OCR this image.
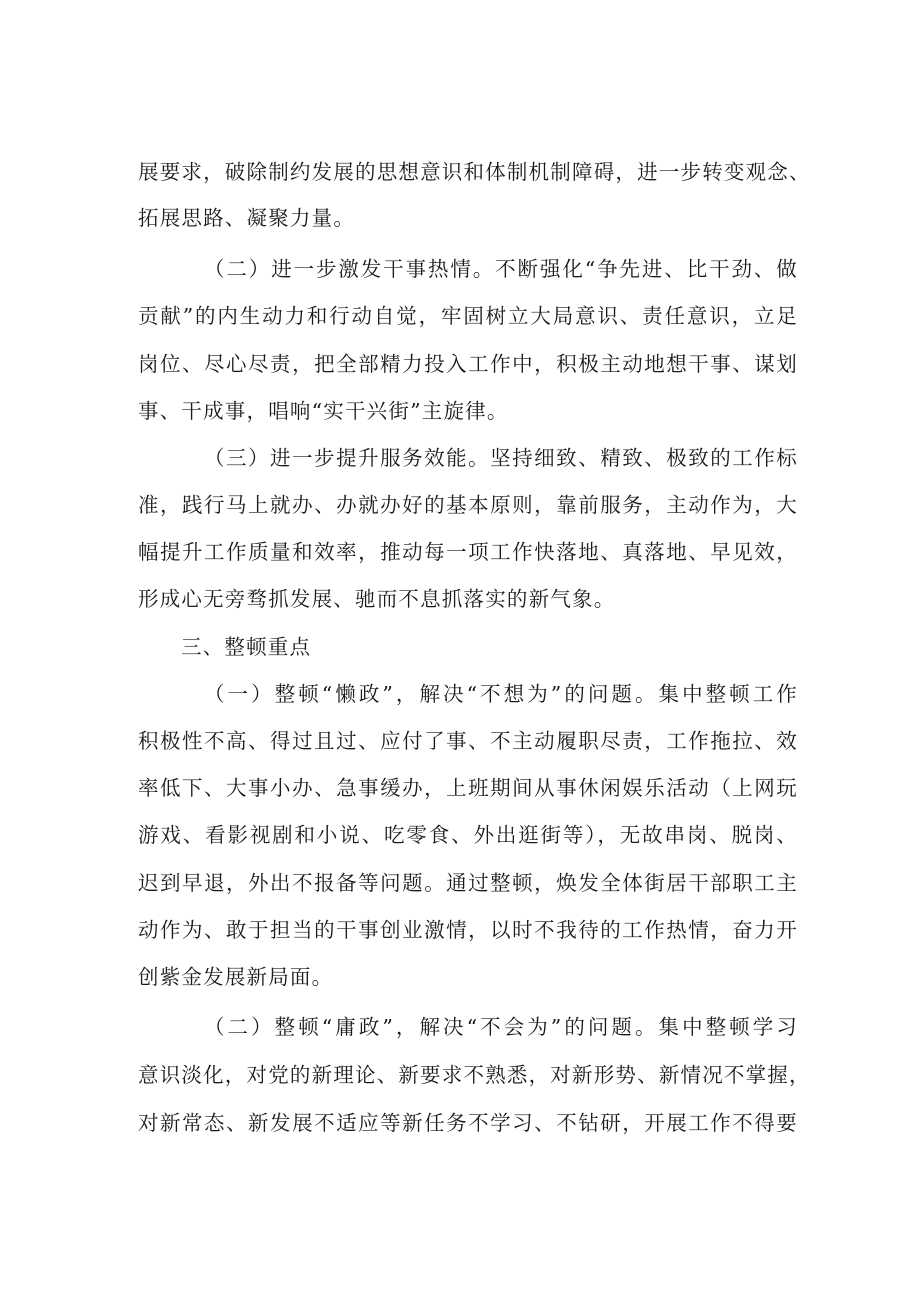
展要求，破除制约发展的思想意识和体制机制障碍，进一步转变观念、
拓展思路、凝聚力量。
（二）进一步激发干事热情。不断强化“争先进、比干劲、做
贡献”的内生动力和行动自觉，牢固树立大局意识、责任意识，立足
岗位、尽心尽责，把全部精力投入工作中，积极主动地想干事、谋划
事、干成事，唱响“实干兴街”主旋律。
（三）进一步提升服务效能。坚持细致、精致、极致的工作标
准，践行马上就办、办就办好的基本原则，靠前服务，主动作为，大
幅提升工作质量和效率，推动每一项工作快落地、真落地、早见效，
形成心无旁骛抓发展、驰而不息抓落实的新气象。
三、整顿重点
（一）整顿“懒政”，解决“不想为”的问题。集中整顿工作
积极性不高、得过且过、应付了事、不主动履职尽责，工作拖拉、效
率低下、大事小办、急事缓办，上班期间从事休闲娱乐活动（上网玩
游戏、看影视剧和小说、吃零食、外出逛街等），无故串岗、脱岗、
迟到早退，外出不报备等问题。通过整顿，焕发全体街居干部职工主
动作为、敢于担当的干事创业激情，以时不我待的工作热情，奋力开
创紫金发展新局面。
（二）整顿“庸政”，解决“不会为”的问题。集中整顿学习
意识淡化，对党的新理论、新要求不熟悉，对新形势、新情况不掌握，
对新常态、新发展不适应等新任务不学习、不钻研，开展工作不得要
